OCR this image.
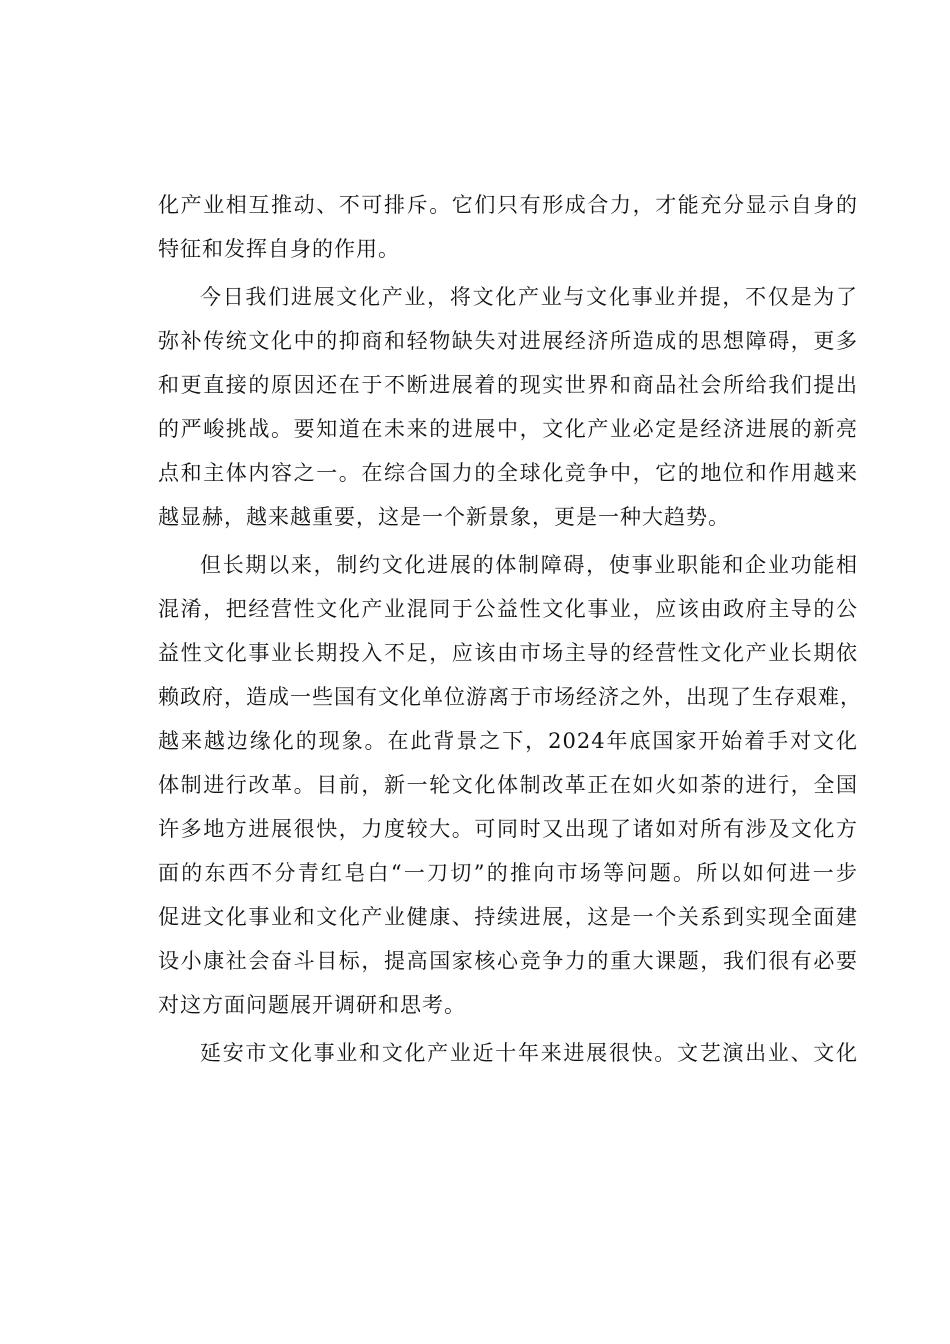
化产业相互推动、不可排斥。它们只有形成合力，才能充分显示自身的
特征和发挥自身的作用。
今日我们进展文化产业，将文化产业与文化事业并提，不仅是为了
弥补传统文化中的抑商和轻物缺失对进展经济所造成的思想障碍，更多
和更直接的原因还在于不断进展着的现实世界和商品社会所给我们提出
的严峻挑战。要知道在未来的进展中，文化产业必定是经济进展的新亮
点和主体内容之一。在综合国力的全球化竞争中，它的地位和作用越来
越显赫，越来越重要，这是一个新景象，更是一种大趋势。
但长期以来，制约文化进展的体制障碍，使事业职能和企业功能相
混淆，把经营性文化产业混同于公益性文化事业，应该由政府主导的公
益性文化事业长期投入不足，应该由市场主导的经营性文化产业长期依
赖政府，造成一些国有文化单位游离于市场经济之外，出现了生存艰难，
越来越边缘化的现象。在此背景之下，2024年底国家开始着手对文化
体制进行改革。目前，新一轮文化体制改革正在如火如荼的进行，全国
许多地方进展很快，力度较大。可同时又出现了诸如对所有涉及文化方
面的东西不分青红皂白“一刀切”的推向市场等问题。所以如何进一步
促进文化事业和文化产业健康、持续进展，这是一个关系到实现全面建
设小康社会奋斗目标，提高国家核心竞争力的重大课题，我们很有必要
对这方面问题展开调研和思考。
延安市文化事业和文化产业近十年来进展很快。文艺演出业、文化
